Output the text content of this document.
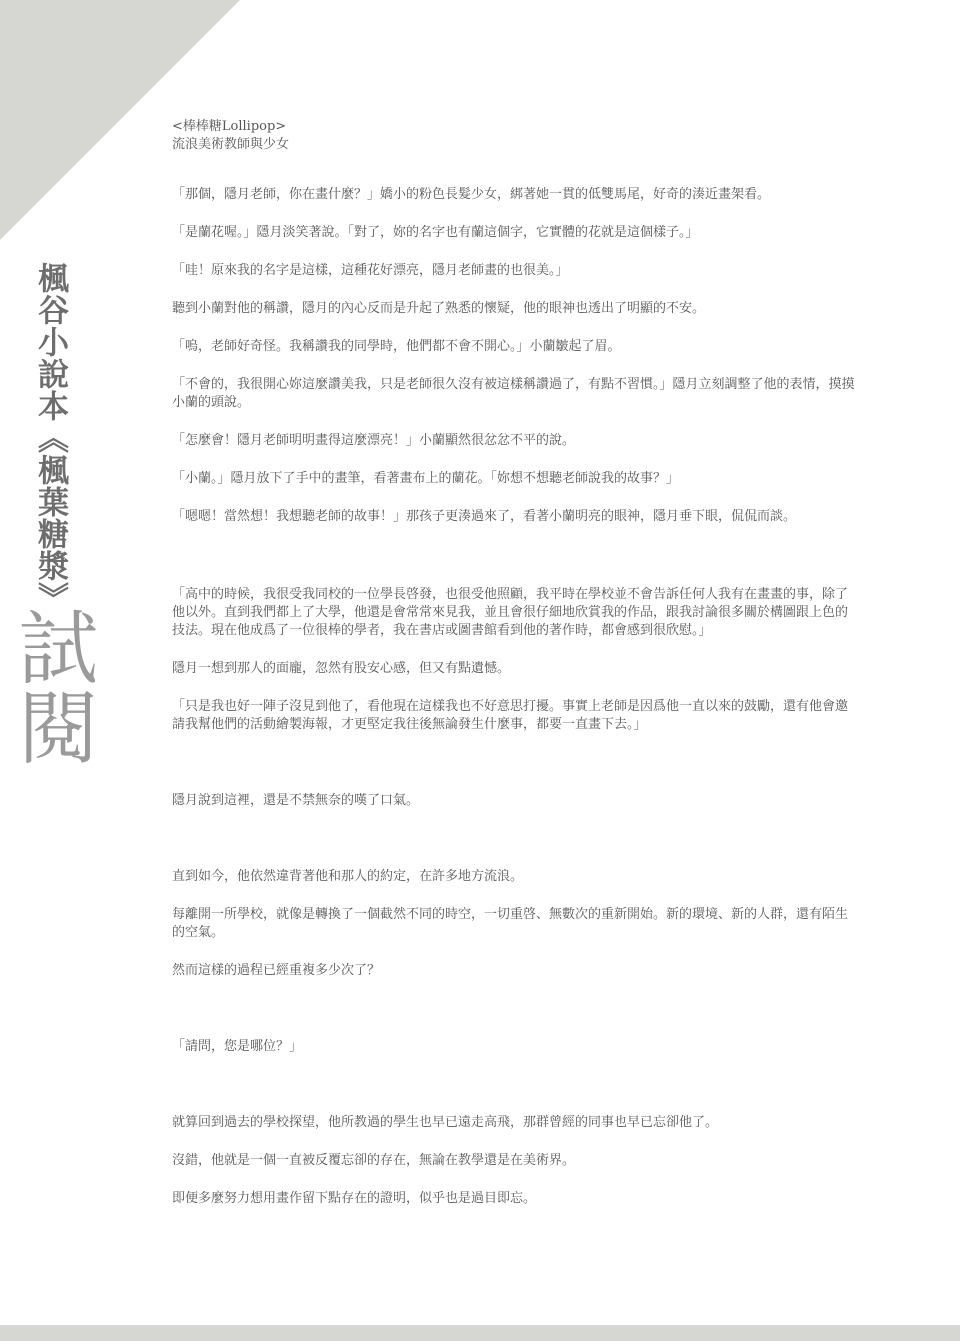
楓谷小說本《楓葉糖漿》
試閱

<棒棒糖Lollipop>

流浪美術教師與少女

「那個，隱月老師，你在畫什麼？」嬌小的粉色長髮少女，綁著她一貫的低雙馬尾，好奇的湊近畫架看。

「是蘭花喔。」隱月淡笑著說。「對了，妳的名字也有蘭這個字，它實體的花就是這個樣子。」

「哇！原來我的名字是這樣，這種花好漂亮，隱月老師畫的也很美。」

聽到小蘭對他的稱讚，隱月的內心反而是升起了熟悉的懷疑，他的眼神也透出了明顯的不安。

「嗚，老師好奇怪。我稱讚我的同學時，他們都不會不開心。」小蘭皺起了眉。

「不會的，我很開心妳這麼讚美我，只是老師很久沒有被這樣稱讚過了，有點不習慣。」隱月立刻調整了他的表情，摸摸小蘭的頭說。

「怎麼會！隱月老師明明畫得這麼漂亮！」小蘭顯然很忿忿不平的說。

「小蘭。」隱月放下了手中的畫筆，看著畫布上的蘭花。「妳想不想聽老師說我的故事？」

「嗯嗯！當然想！我想聽老師的故事！」那孩子更湊過來了，看著小蘭明亮的眼神，隱月垂下眼，侃侃而談。

「高中的時候，我很受我同校的一位學長啓發，也很受他照顧，我平時在學校並不會告訴任何人我有在畫畫的事，除了他以外。直到我們都上了大學，他還是會常常來見我，並且會很仔細地欣賞我的作品，跟我討論很多關於構圖跟上色的技法。現在他成爲了一位很棒的學者，我在書店或圖書館看到他的著作時，都會感到很欣慰。」

隱月一想到那人的面龐，忽然有股安心感，但又有點遺憾。

「只是我也好一陣子沒見到他了，看他現在這樣我也不好意思打擾。事實上老師是因爲他一直以來的鼓勵，還有他會邀請我幫他們的活動繪製海報，才更堅定我往後無論發生什麼事，都要一直畫下去。」

隱月說到這裡，還是不禁無奈的嘆了口氣。

直到如今，他依然違背著他和那人的約定，在許多地方流浪。

每離開一所學校，就像是轉換了一個截然不同的時空，一切重啓、無數次的重新開始。新的環境、新的人群，還有陌生的空氣。

然而這樣的過程已經重複多少次了？

「請問，您是哪位？」

就算回到過去的學校探望，他所教過的學生也早已遠走高飛，那群曾經的同事也早已忘卻他了。

沒錯，他就是一個一直被反覆忘卻的存在，無論在教學還是在美術界。

即便多麼努力想用畫作留下點存在的證明，似乎也是過目即忘。
